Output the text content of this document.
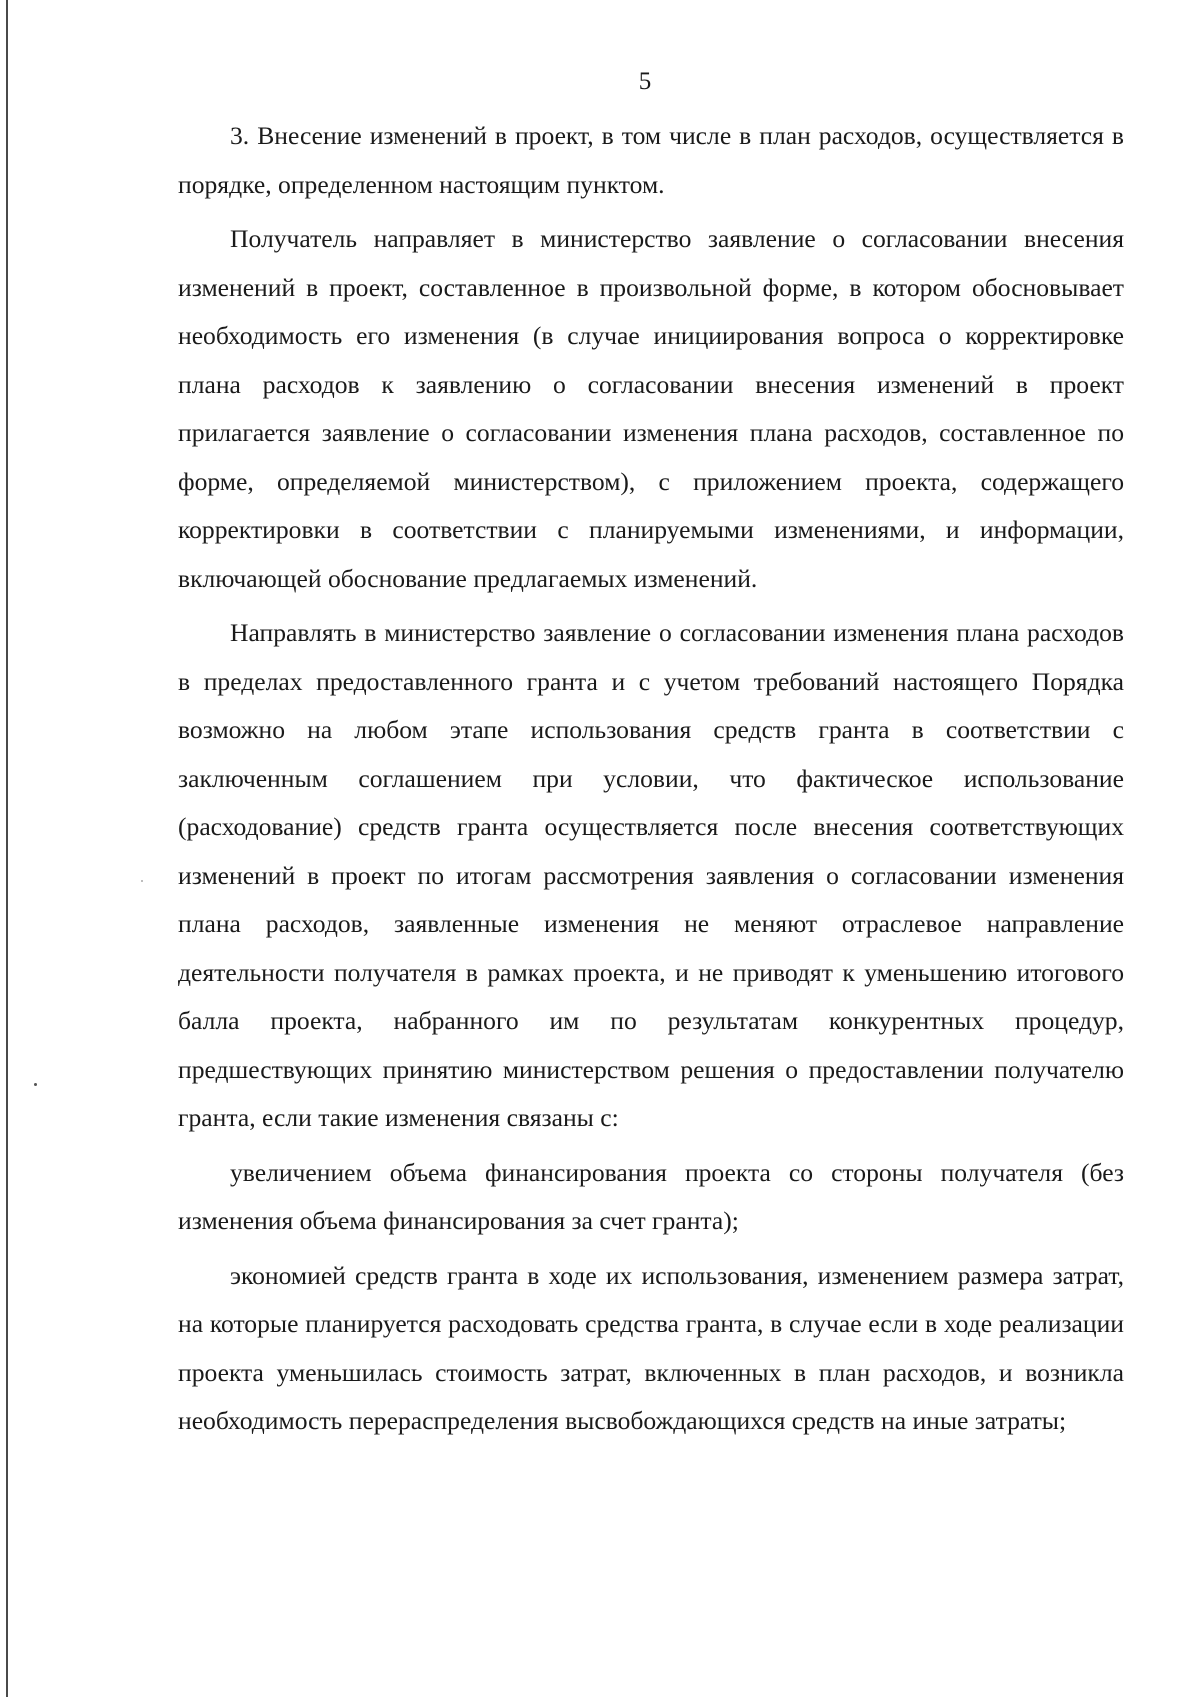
5

3. Внесение изменений в проект, в том числе в план расходов, осуществляется в порядке, определенном настоящим пунктом.

Получатель направляет в министерство заявление о согласовании внесения изменений в проект, составленное в произвольной форме, в котором обосновывает необходимость его изменения (в случае инициирования вопроса о корректировке плана расходов к заявлению о согласовании внесения изменений в проект прилагается заявление о согласовании изменения плана расходов, составленное по форме, определяемой министерством), с приложением проекта, содержащего корректировки в соответствии с планируемыми изменениями, и информации, включающей обоснование предлагаемых изменений.

Направлять в министерство заявление о согласовании изменения плана расходов в пределах предоставленного гранта и с учетом требований настоящего Порядка возможно на любом этапе использования средств гранта в соответствии с заключенным соглашением при условии, что фактическое использование (расходование) средств гранта осуществляется после внесения соответствующих изменений в проект по итогам рассмотрения заявления о согласовании изменения плана расходов, заявленные изменения не меняют отраслевое направление деятельности получателя в рамках проекта, и не приводят к уменьшению итогового балла проекта, набранного им по результатам конкурентных процедур, предшествующих принятию министерством решения о предоставлении получателю гранта, если такие изменения связаны с:

увеличением объема финансирования проекта со стороны получателя (без изменения объема финансирования за счет гранта);

экономией средств гранта в ходе их использования, изменением размера затрат, на которые планируется расходовать средства гранта, в случае если в ходе реализации проекта уменьшилась стоимость затрат, включенных в план расходов, и возникла необходимость перераспределения высвобождающихся средств на иные затраты;
